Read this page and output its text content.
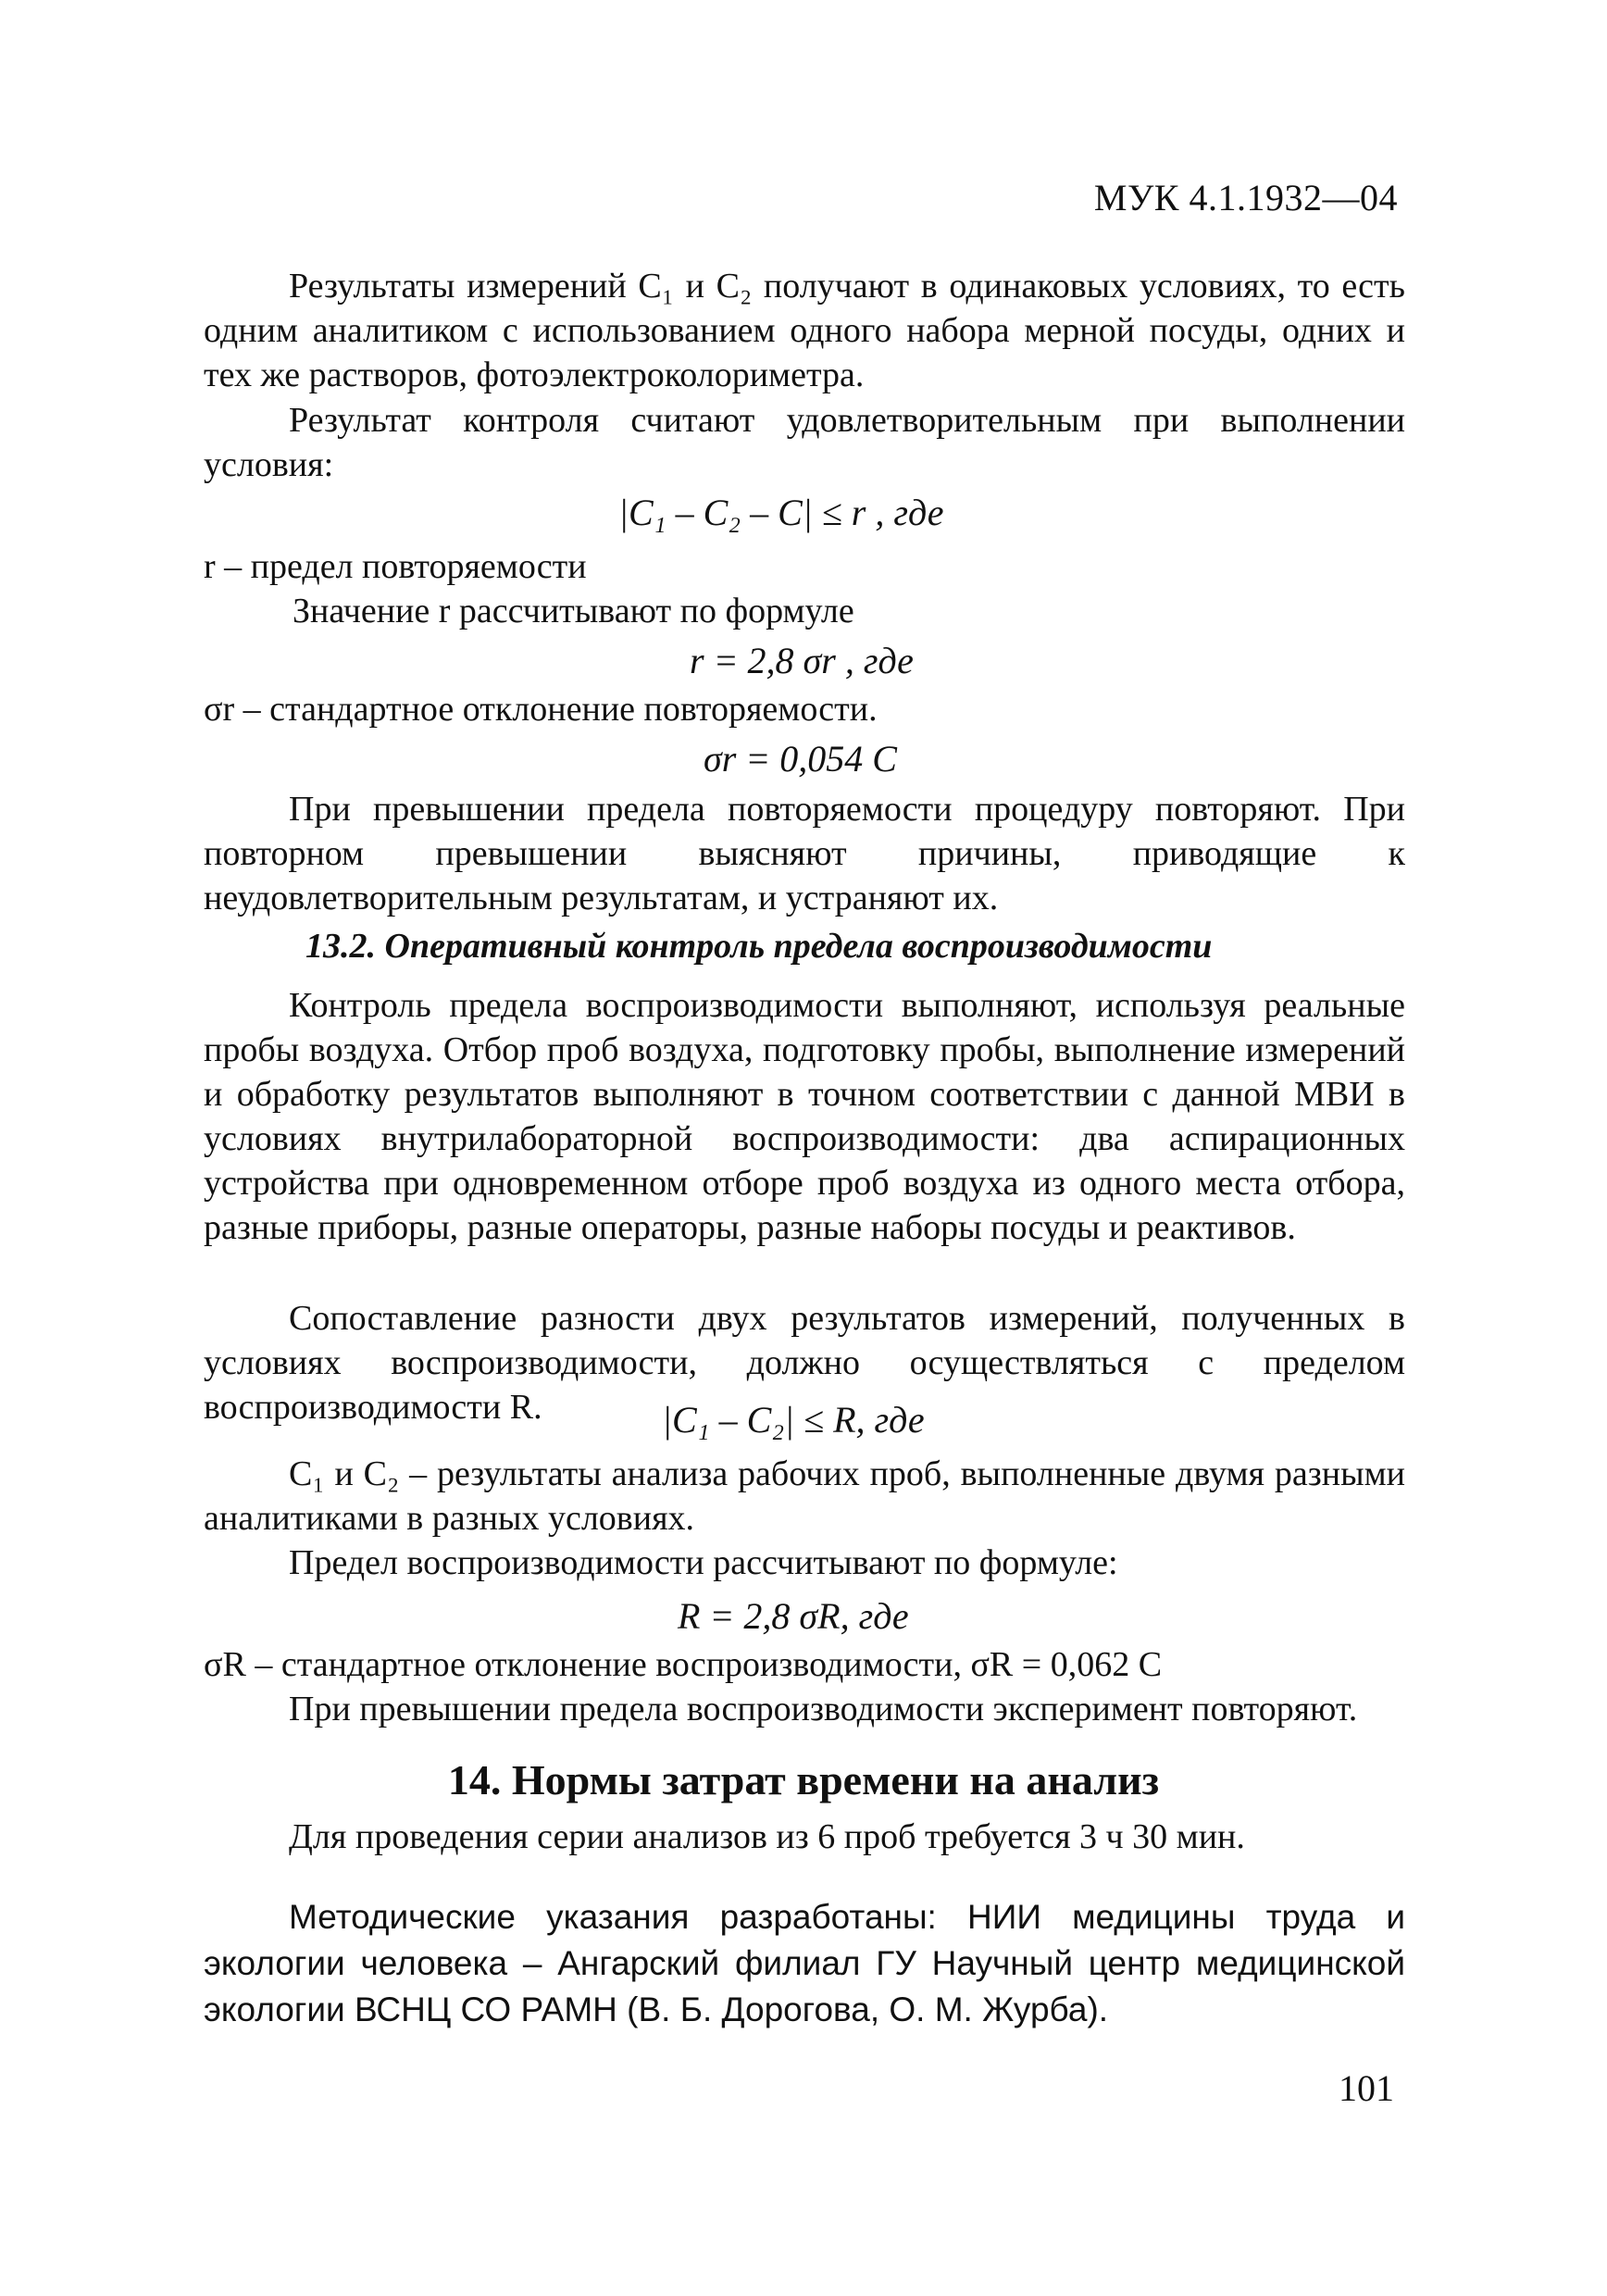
МУК 4.1.1932—04

Результаты измерений C₁ и C₂ получают в одинаковых условиях, то есть одним аналитиком с использованием одного набора мерной посуды, одних и тех же растворов, фотоэлектроколориметра.

Результат контроля считают удовлетворительным при выполнении условия:

|C₁ – C₂ – C| ≤ r , где

r – предел повторяемости

Значение r рассчитывают по формуле

r = 2,8 σr , где

σr – стандартное отклонение повторяемости.

σr = 0,054 C

При превышении предела повторяемости процедуру повторяют. При повторном превышении выясняют причины, приводящие к неудовлетворительным результатам, и устраняют их.

13.2. Оперативный контроль предела воспроизводимости

Контроль предела воспроизводимости выполняют, используя реальные пробы воздуха. Отбор проб воздуха, подготовку пробы, выполнение измерений и обработку результатов выполняют в точном соответствии с данной МВИ в условиях внутрилабораторной воспроизводимости: два аспирационных устройства при одновременном отборе проб воздуха из одного места отбора, разные приборы, разные операторы, разные наборы посуды и реактивов.

Сопоставление разности двух результатов измерений, полученных в условиях воспроизводимости, должно осуществляться с пределом воспроизводимости R.	|C₁ – C₂| ≤ R, где

C₁ и C₂ – результаты анализа рабочих проб, выполненные двумя разными аналитиками в разных условиях.

Предел воспроизводимости рассчитывают по формуле:

R = 2,8 σR, где

σR – стандартное отклонение воспроизводимости, σR = 0,062 C

При превышении предела воспроизводимости эксперимент повторяют.

14. Нормы затрат времени на анализ

Для проведения серии анализов из 6 проб требуется 3 ч 30 мин.

Методические указания разработаны: НИИ медицины труда и экологии человека – Ангарский филиал ГУ Научный центр медицинской экологии ВСНЦ СО РАМН (В. Б. Дорогова, О. М. Журба).

101
